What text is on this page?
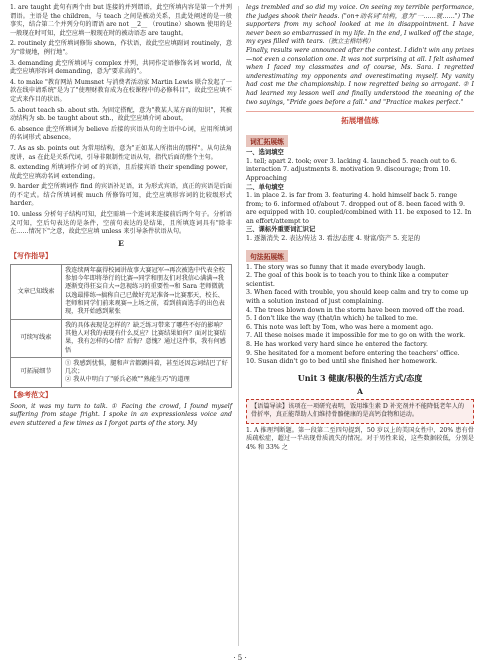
1. are taught 此句有两个由 but 连接的并列谓语，此空所填内容是第一个并列谓语。主语是 the children，与 teach 之间是被动关系，且此处阐述的是一般事实，结合第二个并列分句的谓语 are not __2__ （routine）shown 使用的是一般现在时可知，此空应填一般现在时的被动语态 are taught。

2. routinely 此空所填词修饰 shown，作状语，故此空应填副词 routinely，意为"常规地，例行地"。

3. demanding 此空所填词与 complex 并列，共同作定语修饰名词 world，故此空应填形容词 demanding，意为"要求高的"。

4. to make "教育网站 Mumsnet 与消费者活动家 Martin Lewis 联合发起了一款在线申请系统"是为了"使理财教育成为在校课程中的必修科目"，故此空应填不定式来作目的状语。

5. about teach sb. about sth. 为固定搭配，意为"教某人某方面的知识"，其被动结构为 sb. be taught about sth.，故此空应填介词 about。

6. absence 此空所填词为 believe 后接的宾语从句的主语中心词，应用所填词的名词形式 absence。

7. As as sb. points out 为常用结构，意为"正如某人所指出的那样"。从句法角度讲，as 在此是关系代词，引导非限制性定语从句，指代后面的整个主句。

8. extending 所填词作介词 of 的宾语，且后接宾语 their spending power，故此空应填动名词 extending。

9. harder 此空所填词作 find 的宾语补足语，it 为形式宾语，真正的宾语是后面的不定式。结合所填词被 much 所修饰可知，此空应填形容词的比较级形式 harder。

10. unless 分析句子结构可知，此空需填一个连词来连接前后两个句子。分析语义可知，空后句表达的是条件，空前句表达的是结果，且所填连词具有"除非在……情况下"之意，故此空应填 unless 来引导条件状语从句。

E
【写作指导】
文章已知线索	我连续两年赢得校园讲故事大赛冠军→再次被选中代表全校参加今年即将举行的比赛→同学和朋友们对我信心满满→我逐渐变得狂妄自大→忽视练习的重要性→和 Sara 老师微就以逸最排练→搞称自己已做好充足准备→比赛那天，校长、老师和同学们前来观赛→上场之前，看到前面选手的出色表现，我开始感到紧张
可续写线索	我的具体表现是怎样的？缺乏练习带来了哪些不好的影响？其他人对我的表现有什么反应？比赛结果如何？面对比赛结果，我有怎样的心情？后悔？意愧？通过这件事，我有何感悟
可拓展细节	① 我感到忧惧，腿和声音都颤抖着，甚至还因忘词结巴了好几次；
② 我从中明白了"骄兵必败""熟能生巧"的道理
【参考范文】

Soon, it was my turn to talk. ① Facing the crowd, I found myself suffering from stage fright. I spoke in an expressionless voice and even stuttered a few times as I forgot parts of the story. My

legs trembled and so did my voice. On seeing my terrible performance, the judges shook their heads. ("on+动名词"结构，意为"一……就……") The supporters from my school looked at me in disappointment. I have never been so embarrassed in my life. In the end, I walked off the stage, my eyes filled with tears.（独立主格结构）
Finally, results were announced after the contest. I didn't win any prizes—not even a consolation one. It was not surprising at all. I felt ashamed when I faced my classmates and of course, Ms. Sara. I regretted underestimating my opponents and overestimating myself. My vanity had cost me the championship. I now regretted being so arrogant. ② I had learned my lesson well and finally understood the meaning of the two sayings, "Pride goes before a fall." and "Practice makes perfect."

拓展增值练
词汇拓展练

一、选词填空

1. tell; apart 2. took; over 3. lacking 4. launched 5. reach out to 6. interaction 7. adjustments 8. motivation 9. discourage; from 10. Approaching

二、单句填空

1. in place 2. is far from 3. featuring 4. hold himself back 5. range from; to 6. informed of/about 7. dropped out of 8. been faced with 9. are equipped with 10. coupled/combined with 11. be exposed to 12. In an effort/attempt to

三、课标外重要词汇识记

1. 逐渐消失 2. 表达/传达 3. 看法/态度 4. 财富/资产 5. 充足的

句法拓展练

1. The story was so funny that it made everybody laugh.

2. The goal of this book is to teach you to think like a computer scientist.

3. When faced with trouble, you should keep calm and try to come up with a solution instead of just complaining.

4. The trees blown down in the storm have been moved off the road.

5. I don't like the way (that/in which) he talked to me.

6. This note was left by Tom, who was here a moment ago.

7. All these noises made it impossible for me to go on with the work.

8. He has worked very hard since he entered the factory.

9. She hesitated for a moment before entering the teachers' office.

10. Susan didn't go to bed until she finished her homework.

Unit 3 健康/积极的生活方式/态度
A
【语篇导读】该项在一项研究表明，饭用维生素 D 补充剂并不能降低老年人的骨折率，真正能帮助人们维持骨骼健康的是高钙食物和运动。

1. A 推理判断题。第一段第二至四句提到，50 岁以上的美国女性中，20% 患有骨质疏松症，超过一半出现骨质流失的情况。对于男性来说，这些数据较低，分别是 4% 和 33% 之

· 5 ·
